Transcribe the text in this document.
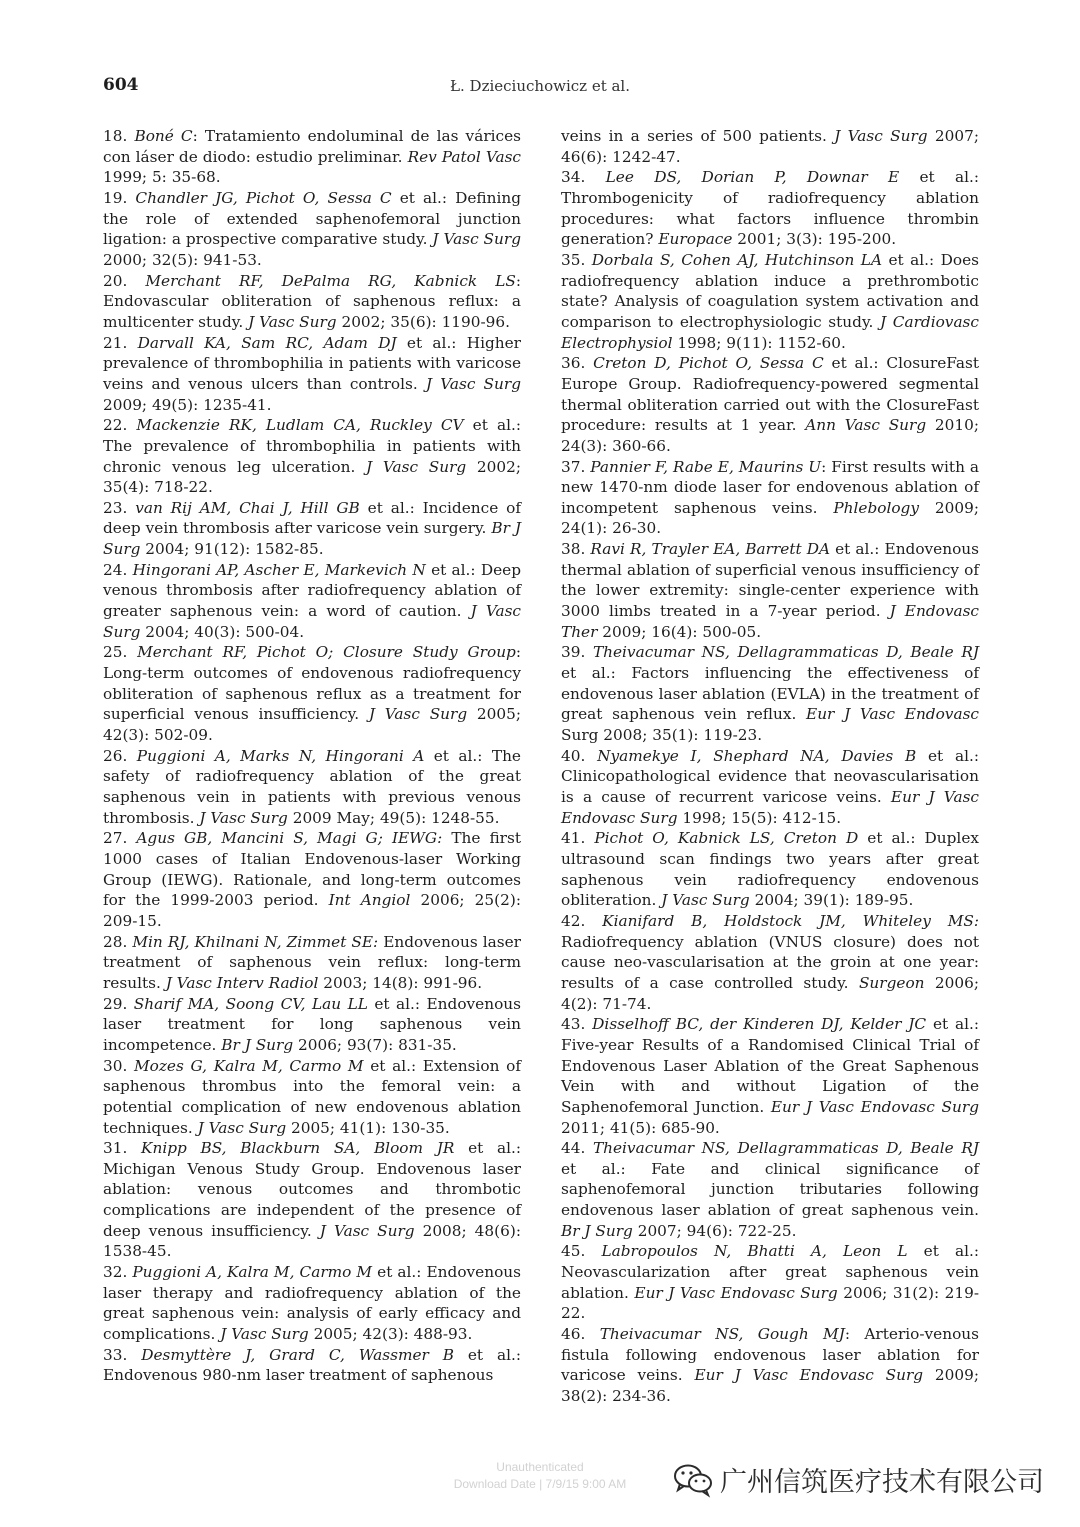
604	Ł. Dzieciuchowicz et al.
18. Boné C: Tratamiento endoluminal de las várices con láser de diodo: estudio preliminar. Rev Patol Vasc 1999; 5: 35-68.
19. Chandler JG, Pichot O, Sessa C et al.: Defining the role of extended saphenofemoral junction ligation: a prospective comparative study. J Vasc Surg 2000; 32(5): 941-53.
20. Merchant RF, DePalma RG, Kabnick LS: Endovascular obliteration of saphenous reflux: a multicenter study. J Vasc Surg 2002; 35(6): 1190-96.
21. Darvall KA, Sam RC, Adam DJ et al.: Higher prevalence of thrombophilia in patients with varicose veins and venous ulcers than controls. J Vasc Surg 2009; 49(5): 1235-41.
22. Mackenzie RK, Ludlam CA, Ruckley CV et al.: The prevalence of thrombophilia in patients with chronic venous leg ulceration. J Vasc Surg 2002; 35(4): 718-22.
23. van Rij AM, Chai J, Hill GB et al.: Incidence of deep vein thrombosis after varicose vein surgery. Br J Surg 2004; 91(12): 1582-85.
24. Hingorani AP, Ascher E, Markevich N et al.: Deep venous thrombosis after radiofrequency ablation of greater saphenous vein: a word of caution. J Vasc Surg 2004; 40(3): 500-04.
25. Merchant RF, Pichot O; Closure Study Group: Long-term outcomes of endovenous radiofrequency obliteration of saphenous reflux as a treatment for superficial venous insufficiency. J Vasc Surg 2005; 42(3): 502-09.
26. Puggioni A, Marks N, Hingorani A et al.: The safety of radiofrequency ablation of the great saphenous vein in patients with previous venous thrombosis. J Vasc Surg 2009 May; 49(5): 1248-55.
27. Agus GB, Mancini S, Magi G; IEWG: The first 1000 cases of Italian Endovenous-laser Working Group (IEWG). Rationale, and long-term outcomes for the 1999-2003 period. Int Angiol 2006; 25(2): 209-15.
28. Min RJ, Khilnani N, Zimmet SE: Endovenous laser treatment of saphenous vein reflux: long-term results. J Vasc Interv Radiol 2003; 14(8): 991-96.
29. Sharif MA, Soong CV, Lau LL et al.: Endovenous laser treatment for long saphenous vein incompetence. Br J Surg 2006; 93(7): 831-35.
30. Mozes G, Kalra M, Carmo M et al.: Extension of saphenous thrombus into the femoral vein: a potential complication of new endovenous ablation techniques. J Vasc Surg 2005; 41(1): 130-35.
31. Knipp BS, Blackburn SA, Bloom JR et al.: Michigan Venous Study Group. Endovenous laser ablation: venous outcomes and thrombotic complications are independent of the presence of deep venous insufficiency. J Vasc Surg 2008; 48(6): 1538-45.
32. Puggioni A, Kalra M, Carmo M et al.: Endovenous laser therapy and radiofrequency ablation of the great saphenous vein: analysis of early efficacy and complications. J Vasc Surg 2005; 42(3): 488-93.
33. Desmyttère J, Grard C, Wassmer B et al.: Endovenous 980-nm laser treatment of saphenous
veins in a series of 500 patients. J Vasc Surg 2007; 46(6): 1242-47.
34. Lee DS, Dorian P, Downar E et al.: Thrombogenicity of radiofrequency ablation procedures: what factors influence thrombin generation? Europace 2001; 3(3): 195-200.
35. Dorbala S, Cohen AJ, Hutchinson LA et al.: Does radiofrequency ablation induce a prethrombotic state? Analysis of coagulation system activation and comparison to electrophysiologic study. J Cardiovasc Electrophysiol 1998; 9(11): 1152-60.
36. Creton D, Pichot O, Sessa C et al.: ClosureFast Europe Group. Radiofrequency-powered segmental thermal obliteration carried out with the ClosureFast procedure: results at 1 year. Ann Vasc Surg 2010; 24(3): 360-66.
37. Pannier F, Rabe E, Maurins U: First results with a new 1470-nm diode laser for endovenous ablation of incompetent saphenous veins. Phlebology 2009; 24(1): 26-30.
38. Ravi R, Trayler EA, Barrett DA et al.: Endovenous thermal ablation of superficial venous insufficiency of the lower extremity: single-center experience with 3000 limbs treated in a 7-year period. J Endovasc Ther 2009; 16(4): 500-05.
39. Theivacumar NS, Dellagrammaticas D, Beale RJ et al.: Factors influencing the effectiveness of endovenous laser ablation (EVLA) in the treatment of great saphenous vein reflux. Eur J Vasc Endovasc Surg 2008; 35(1): 119-23.
40. Nyamekye I, Shephard NA, Davies B et al.: Clinicopathological evidence that neovascularisation is a cause of recurrent varicose veins. Eur J Vasc Endovasc Surg 1998; 15(5): 412-15.
41. Pichot O, Kabnick LS, Creton D et al.: Duplex ultrasound scan findings two years after great saphenous vein radiofrequency endovenous obliteration. J Vasc Surg 2004; 39(1): 189-95.
42. Kianifard B, Holdstock JM, Whiteley MS: Radiofrequency ablation (VNUS closure) does not cause neo-vascularisation at the groin at one year: results of a case controlled study. Surgeon 2006; 4(2): 71-74.
43. Disselhoff BC, der Kinderen DJ, Kelder JC et al.: Five-year Results of a Randomised Clinical Trial of Endovenous Laser Ablation of the Great Saphenous Vein with and without Ligation of the Saphenofemoral Junction. Eur J Vasc Endovasc Surg 2011; 41(5): 685-90.
44. Theivacumar NS, Dellagrammaticas D, Beale RJ et al.: Fate and clinical significance of saphenofemoral junction tributaries following endovenous laser ablation of great saphenous vein. Br J Surg 2007; 94(6): 722-25.
45. Labropoulos N, Bhatti A, Leon L et al.: Neovascularization after great saphenous vein ablation. Eur J Vasc Endovasc Surg 2006; 31(2): 219-22.
46. Theivacumar NS, Gough MJ: Arterio-venous fistula following endovenous laser ablation for varicose veins. Eur J Vasc Endovasc Surg 2009; 38(2): 234-36.
Unauthenticated
Download Date | 7/9/15 9:00 AM	广州信筑医疗技术有限公司
